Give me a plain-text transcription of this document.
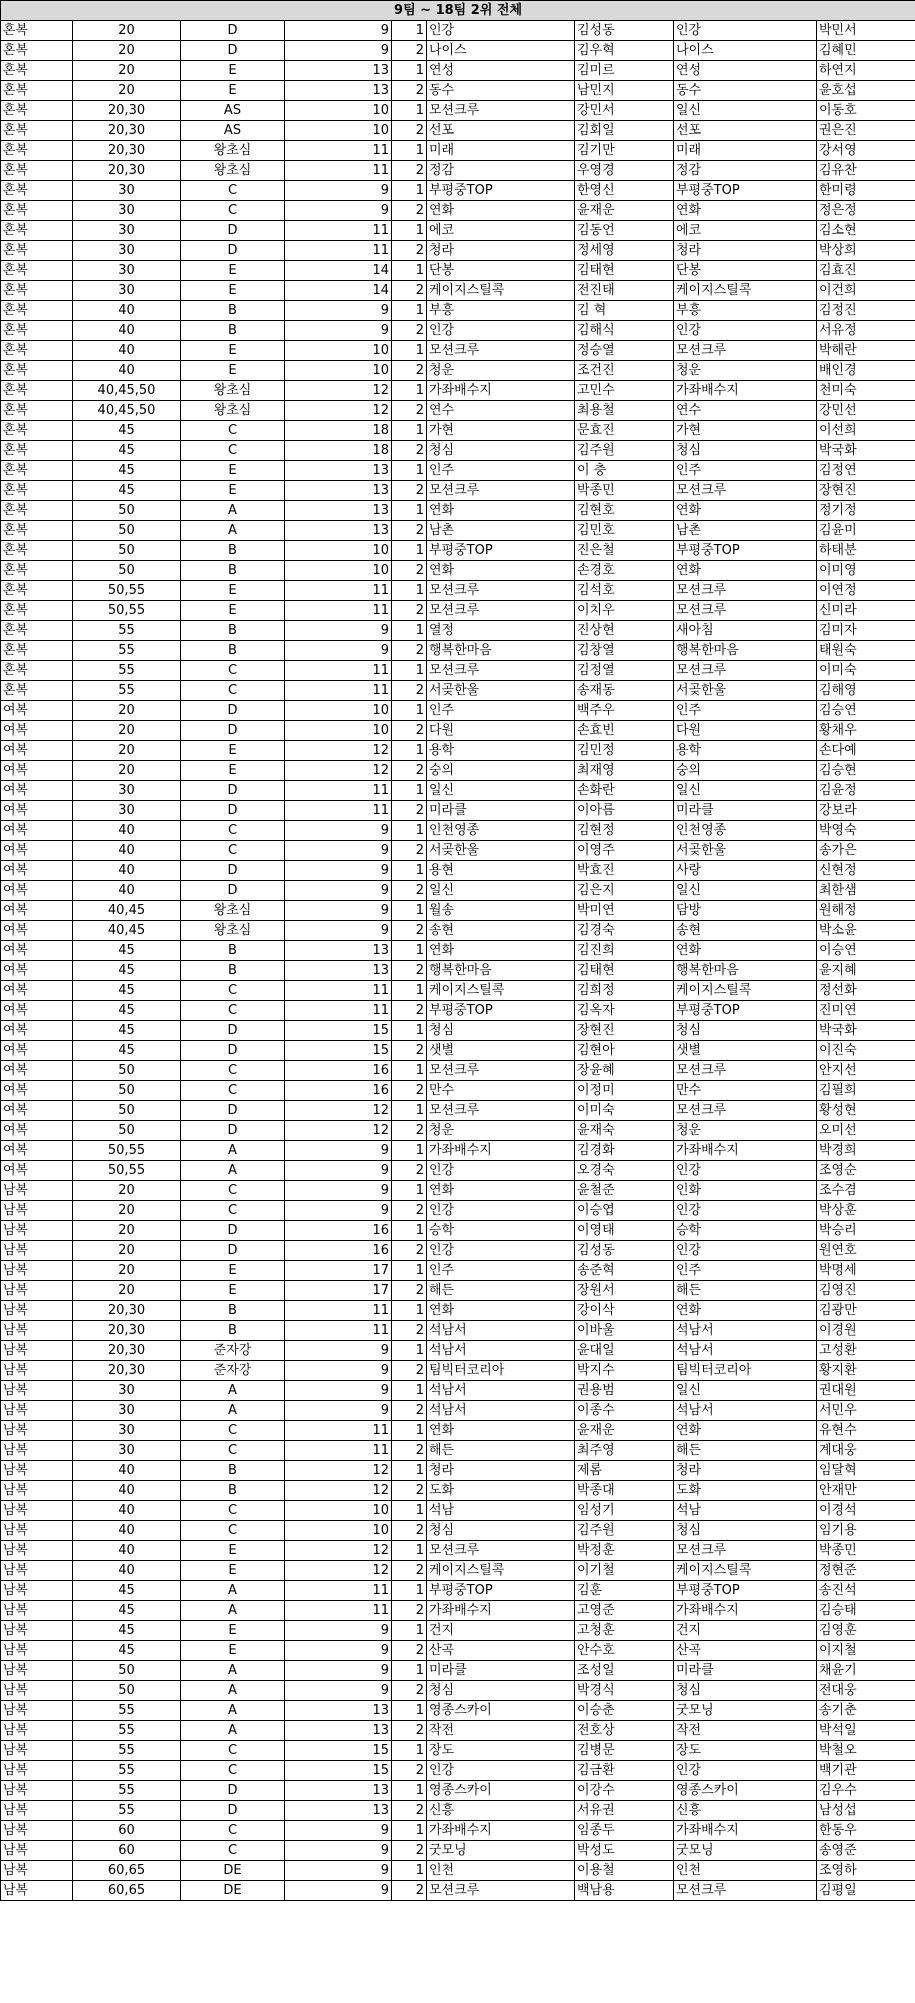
9팀 ~ 18팀 2위 전체								
혼복	20	D	9	1	인강	김성동	인강	박민서
혼복	20	D	9	2	나이스	김우혁	나이스	김혜민
혼복	20	E	13	1	연성	김미르	연성	하연지
혼복	20	E	13	2	동수	남민지	동수	윤호섭
혼복	20,30	AS	10	1	모션크루	강민서	일신	이동호
혼복	20,30	AS	10	2	선포	김회일	선포	권은진
혼복	20,30	왕초심	11	1	미래	김기만	미래	강서영
혼복	20,30	왕초심	11	2	정감	우영경	정감	김유찬
혼복	30	C	9	1	부평중TOP	한영신	부평중TOP	한미령
혼복	30	C	9	2	연화	윤재운	연화	정은정
혼복	30	D	11	1	에코	김동언	에코	김소현
혼복	30	D	11	2	청라	정세영	청라	박상희
혼복	30	E	14	1	단봉	김태현	단봉	김효진
혼복	30	E	14	2	케이지스틸콕	전진태	케이지스틸콕	이건희
혼복	40	B	9	1	부흥	김 혁	부흥	김정진
혼복	40	B	9	2	인강	김해식	인강	서유정
혼복	40	E	10	1	모션크루	정승열	모션크루	박해란
혼복	40	E	10	2	청운	조건진	청운	배인경
혼복	40,45,50	왕초심	12	1	가좌배수지	고민수	가좌배수지	천미숙
혼복	40,45,50	왕초심	12	2	연수	최용철	연수	강민선
혼복	45	C	18	1	가현	문효진	가현	이선희
혼복	45	C	18	2	청심	김주원	청심	박국화
혼복	45	E	13	1	인주	이 충	인주	김정연
혼복	45	E	13	2	모션크루	박종민	모션크루	장현진
혼복	50	A	13	1	연화	김현호	연화	정기정
혼복	50	A	13	2	남촌	김민호	남촌	김윤미
혼복	50	B	10	1	부평중TOP	진은철	부평중TOP	하태분
혼복	50	B	10	2	연화	손경호	연화	이미영
혼복	50,55	E	11	1	모션크루	김석호	모션크루	이연정
혼복	50,55	E	11	2	모션크루	이치우	모션크루	신미라
혼복	55	B	9	1	열정	진상현	새아침	김미자
혼복	55	B	9	2	행복한마음	김창열	행복한마음	태원숙
혼복	55	C	11	1	모션크루	김정열	모션크루	이미숙
혼복	55	C	11	2	서곶한울	송재동	서곶한울	김해영
여복	20	D	10	1	인주	백주우	인주	김승연
여복	20	D	10	2	다원	손효빈	다원	황채우
여복	20	E	12	1	용학	김민정	용학	손다예
여복	20	E	12	2	숭의	최재영	숭의	김승현
여복	30	D	11	1	일신	손화란	일신	김윤정
여복	30	D	11	2	미라클	이아름	미라클	강보라
여복	40	C	9	1	인천영종	김현정	인천영종	박영숙
여복	40	C	9	2	서곶한울	이영주	서곶한울	송가은
여복	40	D	9	1	용현	박효진	사랑	신현정
여복	40	D	9	2	일신	김은지	일신	최한샘
여복	40,45	왕초심	9	1	월송	박미연	담방	원해정
여복	40,45	왕초심	9	2	송현	김경숙	송현	박소윤
여복	45	B	13	1	연화	김진희	연화	이승연
여복	45	B	13	2	행복한마음	김태현	행복한마음	윤지혜
여복	45	C	11	1	케이지스틸콕	김희정	케이지스틸콕	정선화
여복	45	C	11	2	부평중TOP	김옥자	부평중TOP	진미연
여복	45	D	15	1	청심	장현진	청심	박국화
여복	45	D	15	2	샛별	김현아	샛별	이진숙
여복	50	C	16	1	모션크루	장윤혜	모션크루	안지선
여복	50	C	16	2	만수	이정미	만수	김필희
여복	50	D	12	1	모션크루	이미숙	모션크루	황성현
여복	50	D	12	2	청운	윤재숙	청운	오미선
여복	50,55	A	9	1	가좌배수지	김경화	가좌배수지	박경희
여복	50,55	A	9	2	인강	오경숙	인강	조영순
남복	20	C	9	1	연화	윤철준	인화	조수겸
남복	20	C	9	2	인강	이승엽	인강	박상훈
남복	20	D	16	1	승학	이영태	승학	박승리
남복	20	D	16	2	인강	김성동	인강	원연호
남복	20	E	17	1	인주	송준혁	인주	박명세
남복	20	E	17	2	해든	장원서	해든	김영진
남복	20,30	B	11	1	연화	강이삭	연화	김광만
남복	20,30	B	11	2	석남서	이바울	석남서	이경원
남복	20,30	준자강	9	1	석남서	윤대일	석남서	고성환
남복	20,30	준자강	9	2	팀빅터코리아	박지수	팀빅터코리아	황지환
남복	30	A	9	1	석남서	권용범	일신	권대원
남복	30	A	9	2	석남서	이종수	석남서	서민우
남복	30	C	11	1	연화	윤재운	연화	유현수
남복	30	C	11	2	해든	최주영	해든	계대웅
남복	40	B	12	1	청라	제롬	청라	임달혁
남복	40	B	12	2	도화	박종대	도화	안재만
남복	40	C	10	1	석남	임성기	석남	이경석
남복	40	C	10	2	청심	김주원	청심	임기용
남복	40	E	12	1	모션크루	박정훈	모션크루	박종민
남복	40	E	12	2	케이지스틸콕	이기철	케이지스틸콕	정현준
남복	45	A	11	1	부평중TOP	김훈	부평중TOP	송진석
남복	45	A	11	2	가좌배수지	고영준	가좌배수지	김승태
남복	45	E	9	1	건지	고청훈	건지	김영훈
남복	45	E	9	2	산곡	안수호	산곡	이지철
남복	50	A	9	1	미라클	조성일	미라클	채윤기
남복	50	A	9	2	청심	박경식	청심	전대웅
남복	55	A	13	1	영종스카이	이승춘	굿모닝	송기춘
남복	55	A	13	2	작전	전호상	작전	박석일
남복	55	C	15	1	장도	김병문	장도	박철오
남복	55	C	15	2	인강	김금환	인강	백기관
남복	55	D	13	1	영종스카이	이강수	영종스카이	김우수
남복	55	D	13	2	신흥	서유권	신흥	남성섭
남복	60	C	9	1	가좌배수지	임종두	가좌배수지	한동우
남복	60	C	9	2	굿모닝	박성도	굿모닝	송영준
남복	60,65	DE	9	1	인천	이용철	인천	조영하
남복	60,65	DE	9	2	모션크루	백남용	모션크루	김평일
